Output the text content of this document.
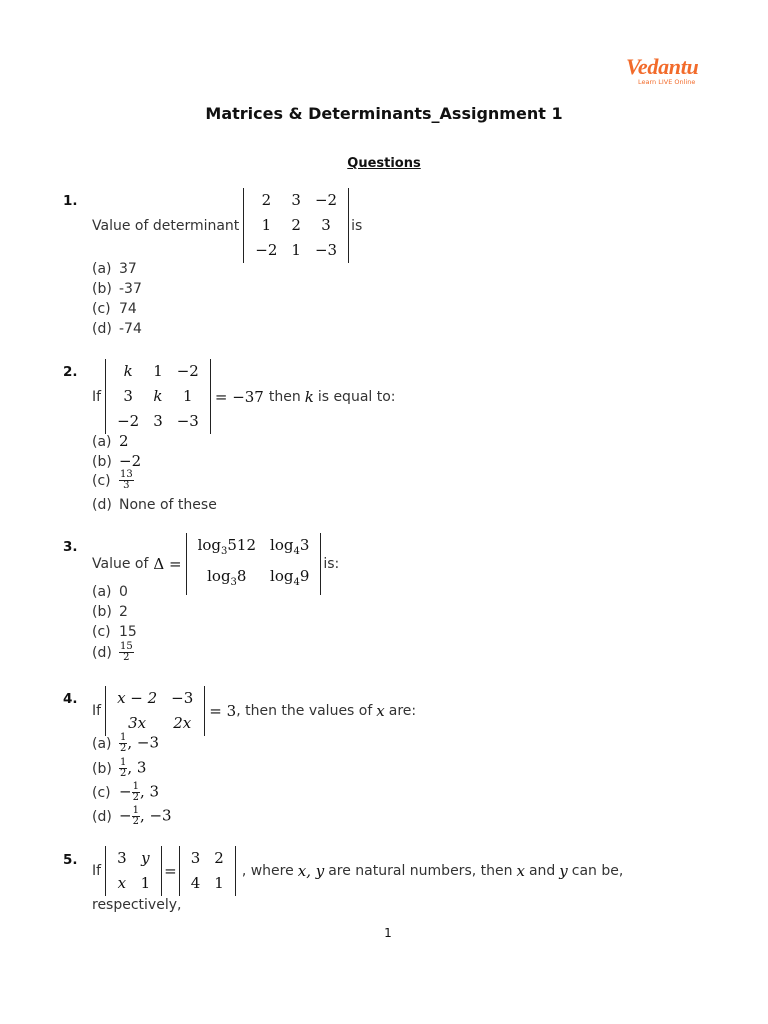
Vedantu
Learn LIVE Online
Matrices & Determinants_Assignment 1
Questions
1.
Value of determinant
2	3	−2
1	2	3
−2	1	−3
is
(a) 37
(b) -37
(c) 74
(d) -74
2.
If
k	1	−2
3	k	1
−2	3	−3
= −37 then k is equal to:
(a) 2
(b) −2
$(c) \frac{13}{3}$
(d) None of these
3.
Value of Δ =
$\log_3512$	$\log_43$
$\log_38$	$\log_49$
is:
(a) 0
(b) 2
(c) 15
$(d) \frac{15}{2}$
4.
If
x − 2	−3
3x	2x
= 3 , then the values of x are:
$(a) \frac{1}{2}$ , −3
$(b) \frac{1}{2}$ , 3
$(c) - \frac{1}{2}$ , 3
$(d) - \frac{1}{2}$ , −3
5.
If
3	y
x	1
=
3	2
4	1
, where x, y are natural numbers, then x and y can be,
respectively,
1
